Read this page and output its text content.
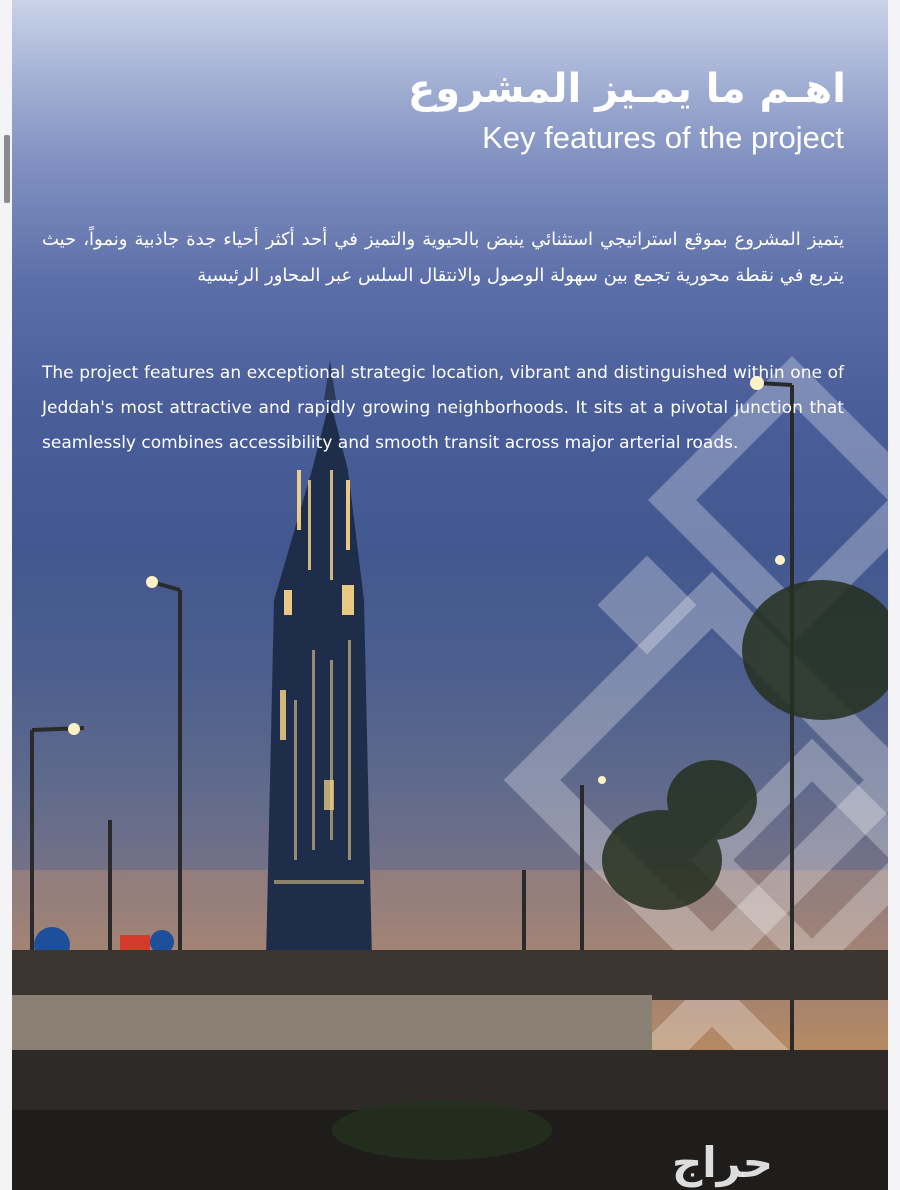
اهـم ما يمـيز المشروع
Key features of the project

يتميز المشروع بموقع استراتيجي استثنائي ينبض بالحيوية والتميز في أحد أكثر أحياء جدة جاذبية ونمواً، حيث يتربع في نقطة محورية تجمع بين سهولة الوصول والانتقال السلس عبر المحاور الرئيسية

The project features an exceptional strategic location, vibrant and distinguished within one of Jeddah's most attractive and rapidly growing neighborhoods. It sits at a pivotal junction that seamlessly combines accessibility and smooth transit across major arterial roads.

حراج
